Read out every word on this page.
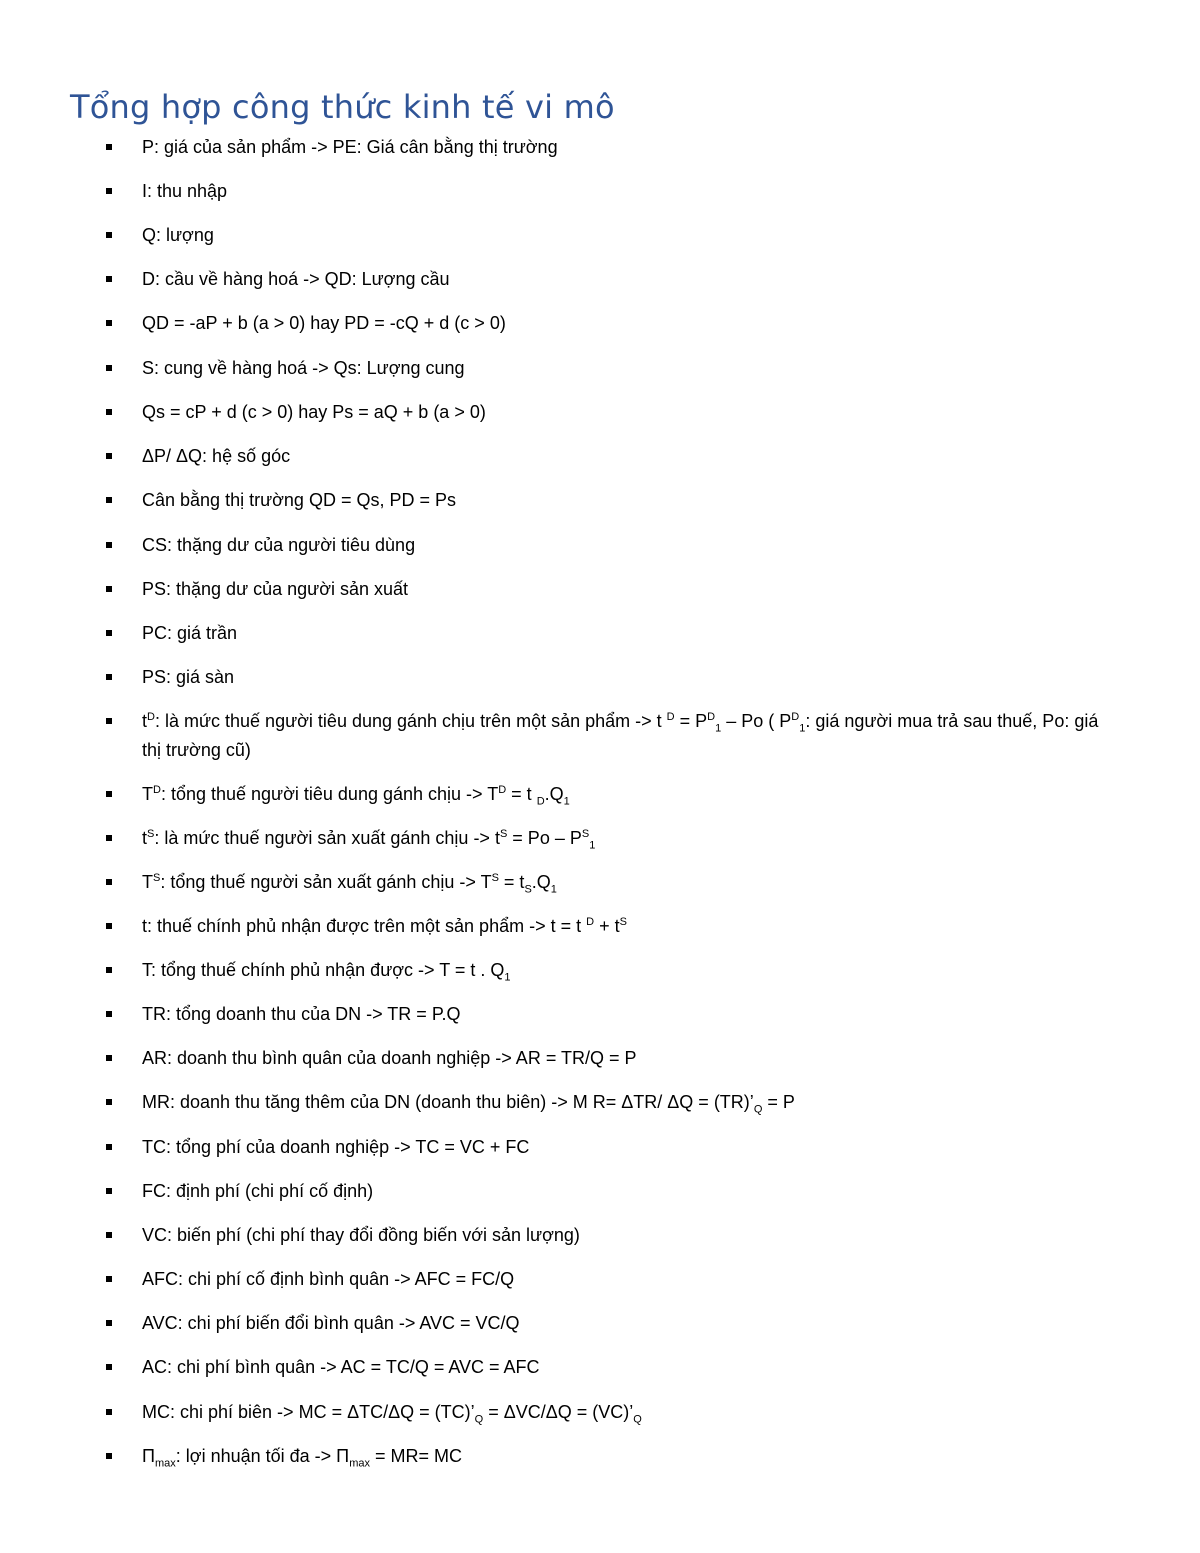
Tổng hợp công thức kinh tế vi mô
P: giá của sản phẩm -> PE: Giá cân bằng thị trường
I: thu nhập
Q: lượng
D: cầu về hàng hoá -> QD: Lượng cầu
QD = -aP + b (a > 0) hay PD = -cQ + d (c > 0)
S: cung về hàng hoá -> Qs: Lượng cung
Qs = cP + d (c > 0) hay Ps = aQ + b (a > 0)
ΔP/ ΔQ: hệ số góc
Cân bằng thị trường QD = Qs, PD = Ps
CS: thặng dư của người tiêu dùng
PS: thặng dư của người sản xuất
PC: giá trần
PS: giá sàn
$t^D$: là mức thuế người tiêu dung gánh chịu trên một sản phẩm -> t $^D = P^D_1 - Po$ ( $P^D_1$: giá người mua trả sau thuế, Po: giá thị trường cũ)
$T^D$: tổng thuế người tiêu dung gánh chịu -> $T^D = t$ $_D.Q_1$
$t^S$: là mức thuế người sản xuất gánh chịu -> $t^S = Po - P^S_1$
$T^S$: tổng thuế người sản xuất gánh chịu -> $T^S = t_S.Q_1$
t: thuế chính phủ nhận được trên một sản phẩm -> t = t $^D + t^S$
T: tổng thuế chính phủ nhận được -> T = t . $Q_1$
TR: tổng doanh thu của DN -> TR = P.Q
AR: doanh thu bình quân của doanh nghiệp -> AR = TR/Q = P
MR: doanh thu tăng thêm của DN (doanh thu biên) -> M R= ΔTR/ $\Delta Q = (TR)’_Q = P$
TC: tổng phí của doanh nghiệp -> TC = VC + FC
FC: định phí (chi phí cố định)
VC: biến phí (chi phí thay đổi đồng biến với sản lượng)
AFC: chi phí cố định bình quân -> AFC = FC/Q
AVC: chi phí biến đổi bình quân -> AVC = VC/Q
AC: chi phí bình quân -> AC = TC/Q = AVC = AFC
MC: chi phí biên -> MC = $\Delta TC/\Delta Q = (TC)’_Q = \Delta VC/\Delta Q$ = $(VC)’_Q$
$\Pi_{max}$: lợi nhuận tối đa -> $\Pi_{max} = MR=$ MC
